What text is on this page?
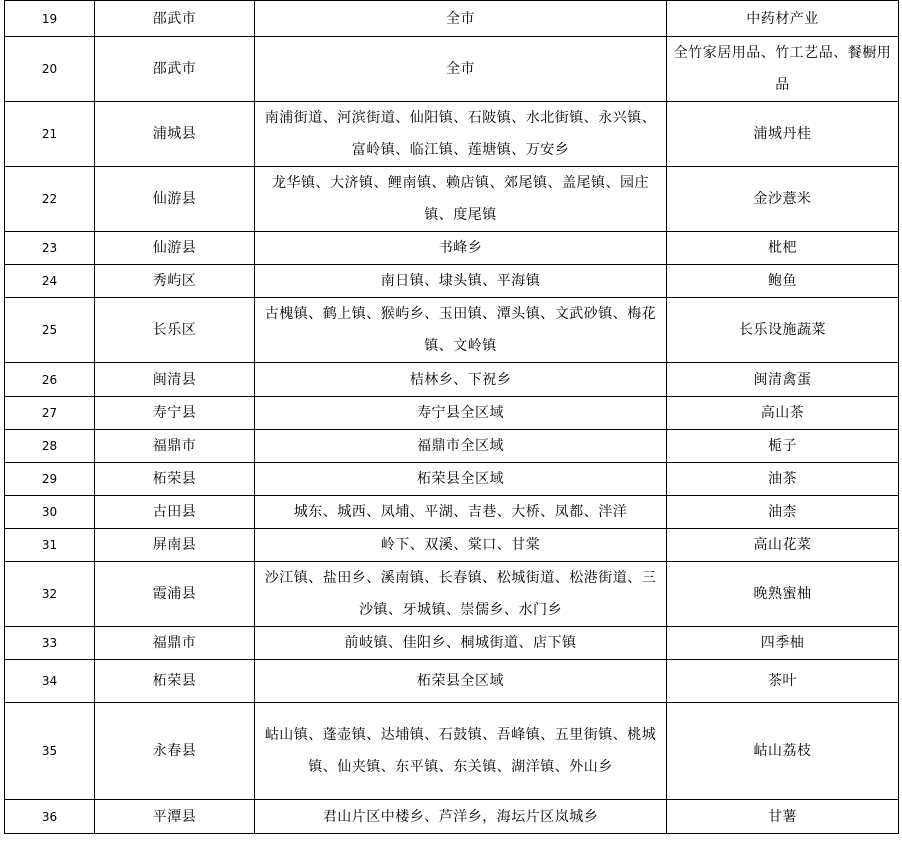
19	邵武市	全市	中药材产业
20	邵武市	全市	全竹家居用品、竹工艺品、餐橱用品
21	浦城县	南浦街道、河滨街道、仙阳镇、石陂镇、水北街镇、永兴镇、富岭镇、临江镇、莲塘镇、万安乡	浦城丹桂
22	仙游县	龙华镇、大济镇、鲤南镇、赖店镇、郊尾镇、盖尾镇、园庄镇、度尾镇	金沙薏米
23	仙游县	书峰乡	枇杷
24	秀屿区	南日镇、埭头镇、平海镇	鲍鱼
25	长乐区	古槐镇、鹤上镇、猴屿乡、玉田镇、潭头镇、文武砂镇、梅花镇、文岭镇	长乐设施蔬菜
26	闽清县	桔林乡、下祝乡	闽清禽蛋
27	寿宁县	寿宁县全区域	高山茶
28	福鼎市	福鼎市全区域	栀子
29	柘荣县	柘荣县全区域	油茶
30	古田县	城东、城西、凤埔、平湖、吉巷、大桥、凤都、泮洋	油柰
31	屏南县	岭下、双溪、棠口、甘棠	高山花菜
32	霞浦县	沙江镇、盐田乡、溪南镇、长春镇、松城街道、松港街道、三沙镇、牙城镇、崇儒乡、水门乡	晚熟蜜柚
33	福鼎市	前岐镇、佳阳乡、桐城街道、店下镇	四季柚
34	柘荣县	柘荣县全区域	茶叶
35	永春县	岵山镇、蓬壶镇、达埔镇、石鼓镇、吾峰镇、五里街镇、桃城镇、仙夹镇、东平镇、东关镇、湖洋镇、外山乡	岵山荔枝
36	平潭县	君山片区中楼乡、芦洋乡，海坛片区岚城乡	甘薯
